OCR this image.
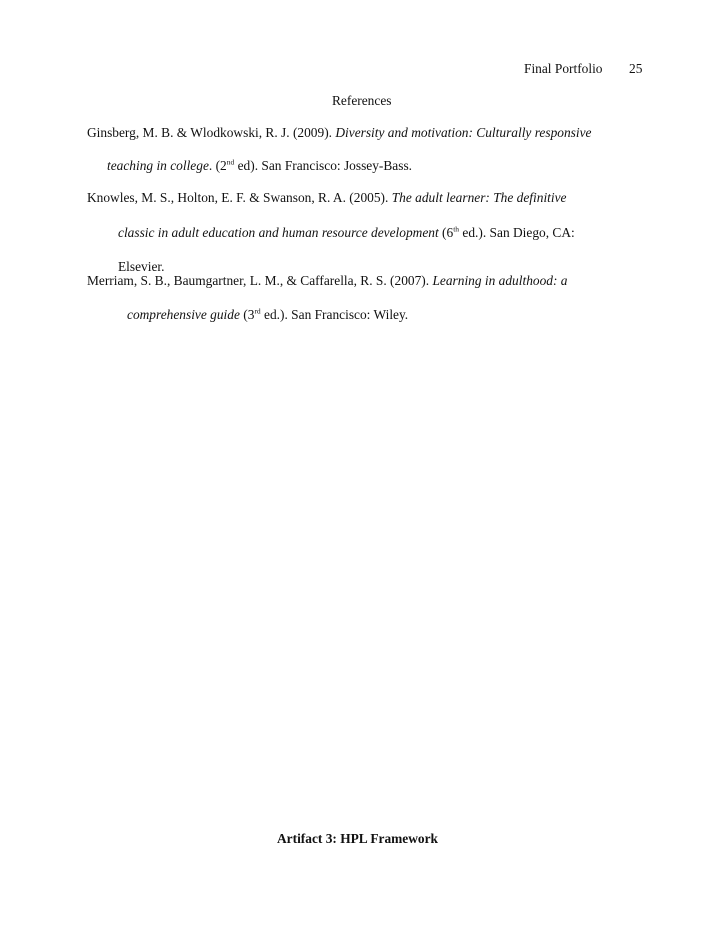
Final Portfolio 25
References
Ginsberg, M. B. & Wlodkowski, R. J. (2009). Diversity and motivation: Culturally responsive
teaching in college. (2nd ed). San Francisco: Jossey-Bass.
Knowles, M. S., Holton, E. F. & Swanson, R. A. (2005). The adult learner: The definitive
classic in adult education and human resource development (6th ed.). San Diego, CA:
Elsevier.
Merriam, S. B., Baumgartner, L. M., & Caffarella, R. S. (2007). Learning in adulthood: a
comprehensive guide (3rd ed.). San Francisco: Wiley.
Artifact 3: HPL Framework
